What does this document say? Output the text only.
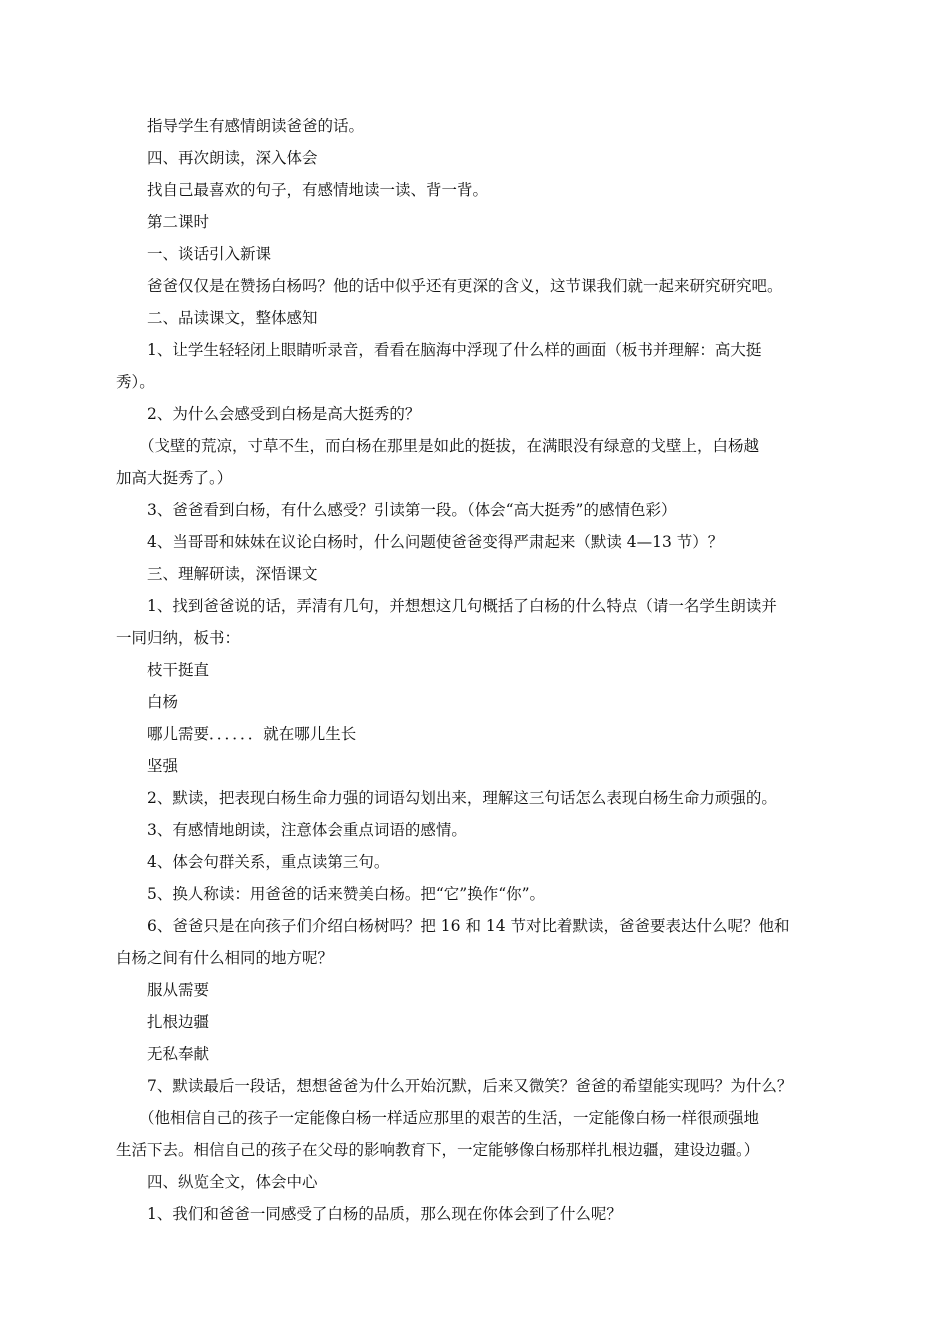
指导学生有感情朗读爸爸的话。
四、再次朗读，深入体会
找自己最喜欢的句子，有感情地读一读、背一背。
第二课时
一、谈话引入新课
爸爸仅仅是在赞扬白杨吗？他的话中似乎还有更深的含义，这节课我们就一起来研究研究吧。
二、品读课文，整体感知
1、让学生轻轻闭上眼睛听录音，看看在脑海中浮现了什么样的画面（板书并理解：高大挺
秀）。
2、为什么会感受到白杨是高大挺秀的？
（戈壁的荒凉，寸草不生，而白杨在那里是如此的挺拔，在满眼没有绿意的戈壁上，白杨越
加高大挺秀了。）
3、爸爸看到白杨，有什么感受？引读第一段。（体会“高大挺秀”的感情色彩）
4、当哥哥和妹妹在议论白杨时，什么问题使爸爸变得严肃起来（默读 4—13 节）？
三、理解研读，深悟课文
1、找到爸爸说的话，弄清有几句，并想想这几句概括了白杨的什么特点（请一名学生朗读并
一同归纳，板书：
枝干挺直
白杨
哪儿需要．．．．．．就在哪儿生长
坚强
2、默读，把表现白杨生命力强的词语勾划出来，理解这三句话怎么表现白杨生命力顽强的。
3、有感情地朗读，注意体会重点词语的感情。
4、体会句群关系，重点读第三句。
5、换人称读：用爸爸的话来赞美白杨。把“它”换作“你”。
6、爸爸只是在向孩子们介绍白杨树吗？把 16 和 14 节对比着默读，爸爸要表达什么呢？他和
白杨之间有什么相同的地方呢？
服从需要
扎根边疆
无私奉献
7、默读最后一段话，想想爸爸为什么开始沉默，后来又微笑？爸爸的希望能实现吗？为什么？
（他相信自己的孩子一定能像白杨一样适应那里的艰苦的生活，一定能像白杨一样很顽强地
生活下去。相信自己的孩子在父母的影响教育下，一定能够像白杨那样扎根边疆，建设边疆。）
四、纵览全文，体会中心
1、我们和爸爸一同感受了白杨的品质，那么现在你体会到了什么呢？
